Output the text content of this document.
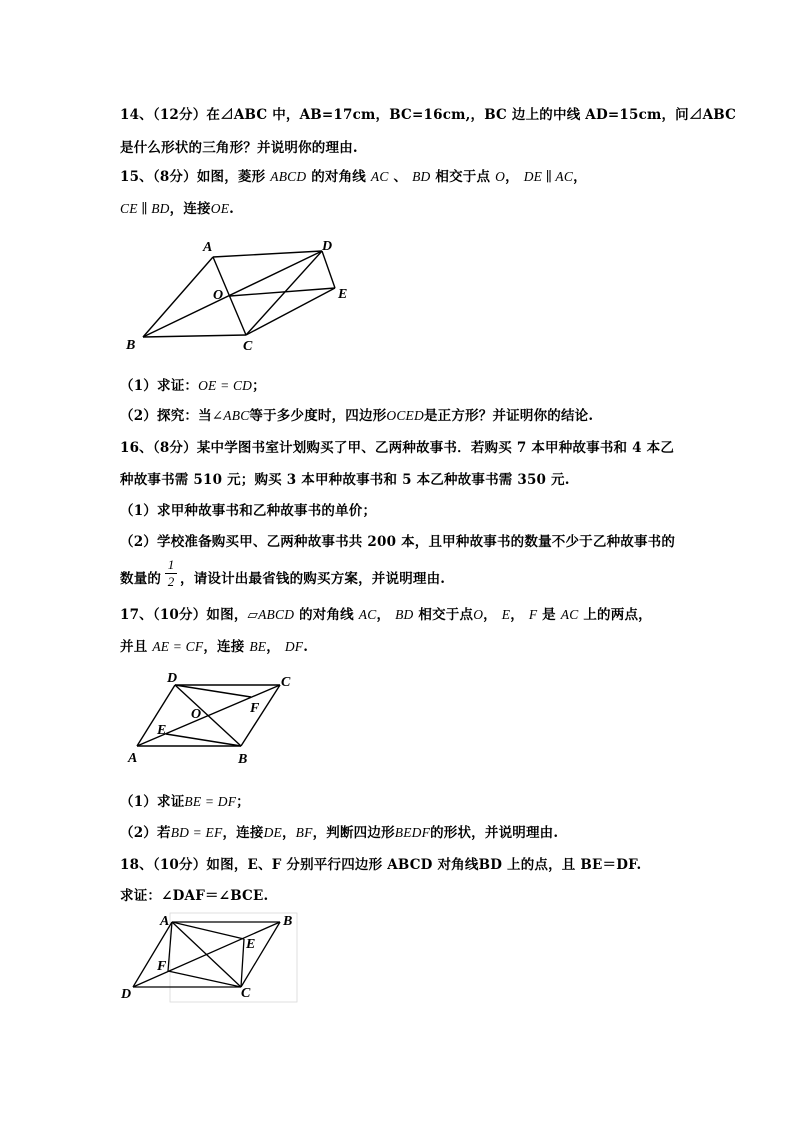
14、（12分）在⊿ABC 中，AB=17cm，BC=16cm,，BC 边上的中线 AD=15cm，问⊿ABC
是什么形状的三角形？并说明你的理由.
15、（8分）如图，菱形 ABCD 的对角线 AC 、 BD 相交于点 O， DE ∥ AC，
CE ∥ BD，连接OE.
A	D
O	E
B	C
（1）求证：OE = CD；
（2）探究：当∠ABC等于多少度时，四边形OCED是正方形？并证明你的结论.
16、（8分）某中学图书室计划购买了甲、乙两种故事书．若购买 7 本甲种故事书和 4 本乙
种故事书需 510 元；购买 3 本甲种故事书和 5 本乙种故事书需 350 元.
（1）求甲种故事书和乙种故事书的单价；
（2）学校准备购买甲、乙两种故事书共 200 本，且甲种故事书的数量不少于乙种故事书的
数量的
1
2 ，请设计出最省钱的购买方案，并说明理由.
17、（10分）如图，▱ABCD 的对角线 AC， BD 相交于点O， E， F 是 AC 上的两点，
并且 AE = CF，连接 BE， DF.
D	C
F
O
E
A	B
（1）求证BE = DF；
（2）若BD = EF，连接DE，BF，判断四边形BEDF的形状，并说明理由.
18、（10分）如图，E、F 分别平行四边形 ABCD 对角线BD 上的点，且 BE＝DF.
求证：∠DAF＝∠BCE.
A	B
E
F
D	C
